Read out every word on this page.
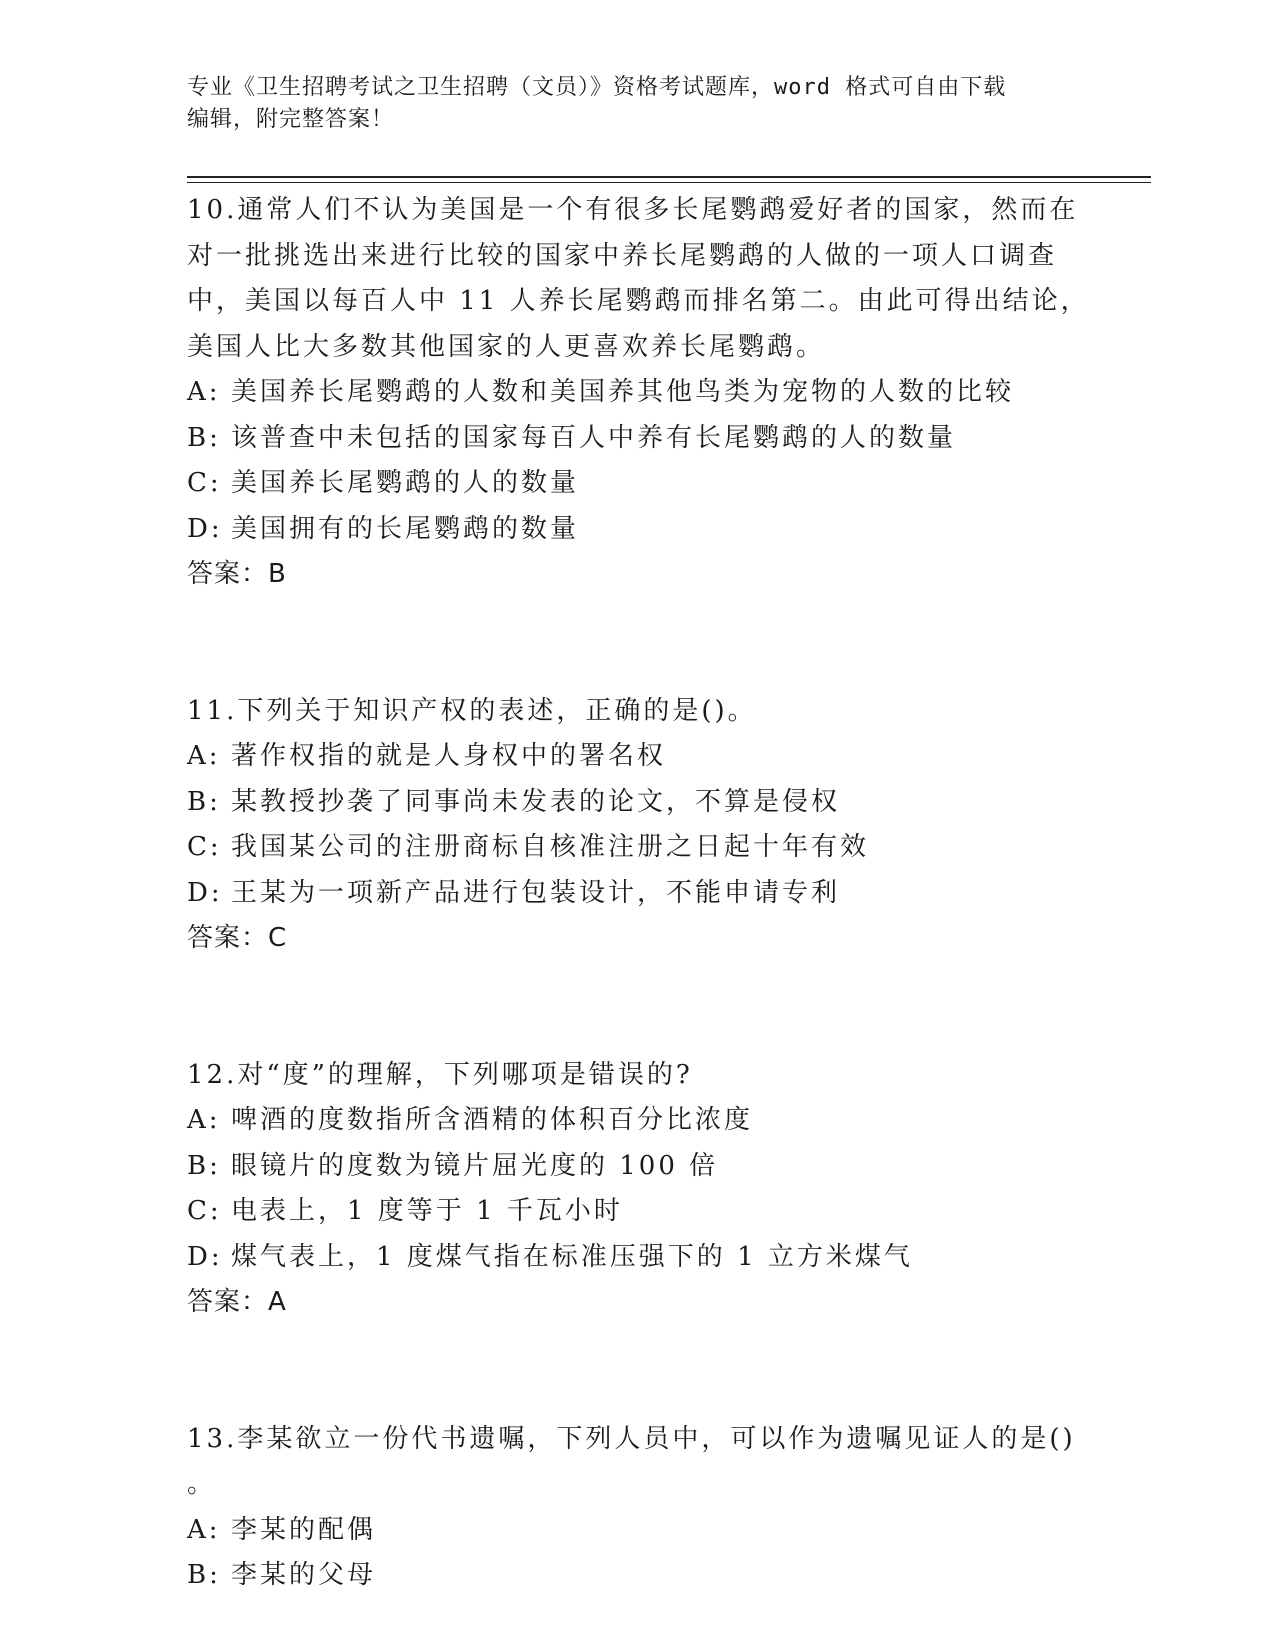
专业《卫生招聘考试之卫生招聘（文员）》资格考试题库，word 格式可自由下载
编辑，附完整答案！
10.通常人们不认为美国是一个有很多长尾鹦鹉爱好者的国家，然而在
对一批挑选出来进行比较的国家中养长尾鹦鹉的人做的一项人口调查
中，美国以每百人中 11 人养长尾鹦鹉而排名第二。由此可得出结论，
美国人比大多数其他国家的人更喜欢养长尾鹦鹉。
A: 美国养长尾鹦鹉的人数和美国养其他鸟类为宠物的人数的比较
B: 该普查中未包括的国家每百人中养有长尾鹦鹉的人的数量
C: 美国养长尾鹦鹉的人的数量
D: 美国拥有的长尾鹦鹉的数量
答案：B
11.下列关于知识产权的表述，正确的是()。
A: 著作权指的就是人身权中的署名权
B: 某教授抄袭了同事尚未发表的论文，不算是侵权
C: 我国某公司的注册商标自核准注册之日起十年有效
D: 王某为一项新产品进行包装设计，不能申请专利
答案：C
12.对“度”的理解，下列哪项是错误的?
A: 啤酒的度数指所含酒精的体积百分比浓度
B: 眼镜片的度数为镜片屈光度的 100 倍
C: 电表上，1 度等于 1 千瓦小时
D: 煤气表上，1 度煤气指在标准压强下的 1 立方米煤气
答案：A
13.李某欲立一份代书遗嘱，下列人员中，可以作为遗嘱见证人的是()
。
A: 李某的配偶
B: 李某的父母
